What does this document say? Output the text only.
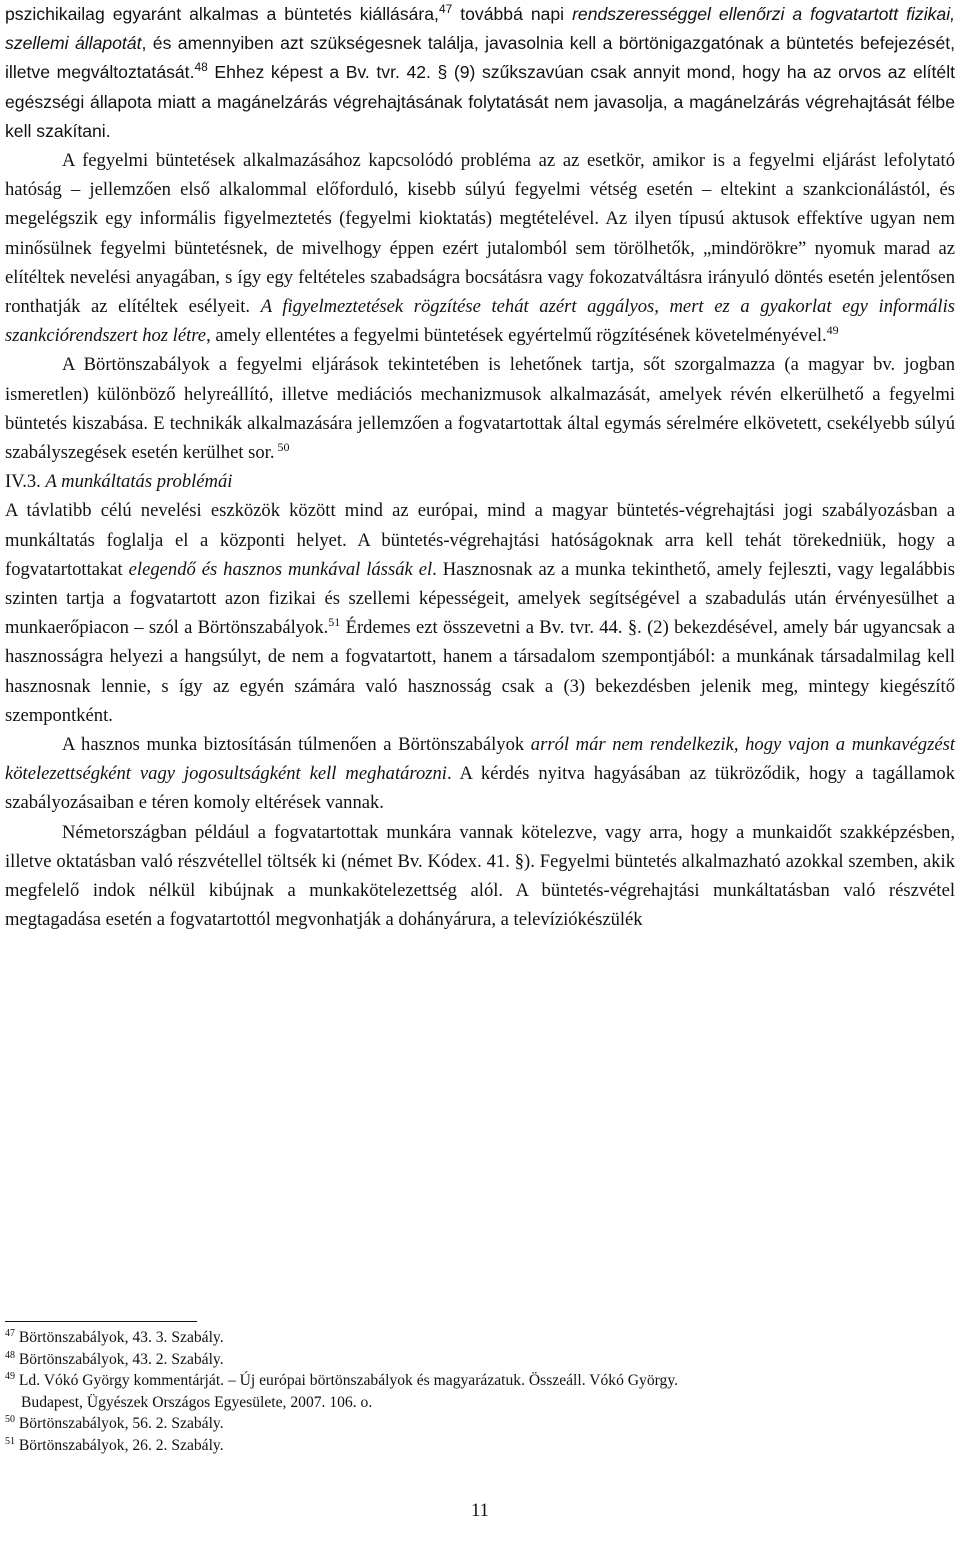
pszichikailag egyaránt alkalmas a büntetés kiállására,$^{47}$ továbbá napi rendszerességgel ellenőrzi a fogvatartott fizikai, szellemi állapotát, és amennyiben azt szükségesnek találja, javasolnia kell a börtönigazgatónak a büntetés befejezését, illetve megváltoztatását.$^{48}$ Ehhez képest a Bv. tvr. 42. § (9) szűkszavúan csak annyit mond, hogy ha az orvos az elítélt egészségi állapota miatt a magánelzárás végrehajtásának folytatását nem javasolja, a magánelzárás végrehajtását félbe kell szakítani.

A fegyelmi büntetések alkalmazásához kapcsolódó probléma az az esetkör, amikor is a fegyelmi eljárást lefolytató hatóság – jellemzően első alkalommal előforduló, kisebb súlyú fegyelmi vétség esetén – eltekint a szankcionálástól, és megelégszik egy informális figyelmeztetés (fegyelmi kioktatás) megtételével. Az ilyen típusú aktusok effektíve ugyan nem minősülnek fegyelmi büntetésnek, de mivelhogy éppen ezért jutalomból sem törölhetők, „mindörökre” nyomuk marad az elítéltek nevelési anyagában, s így egy feltételes szabadságra bocsátásra vagy fokozatváltásra irányuló döntés esetén jelentősen ronthatják az elítéltek esélyeit. A figyelmeztetések rögzítése tehát azért aggályos, mert ez a gyakorlat egy informális szankciórendszert hoz létre, amely ellentétes a fegyelmi büntetések egyértelmű rögzítésének követelményével.$^{49}$

A Börtönszabályok a fegyelmi eljárások tekintetében is lehetőnek tartja, sőt szorgalmazza (a magyar bv. jogban ismeretlen) különböző helyreállító, illetve mediációs mechanizmusok alkalmazását, amelyek révén elkerülhető a fegyelmi büntetés kiszabása. E technikák alkalmazására jellemzően a fogvatartottak által egymás sérelmére elkövetett, csekélyebb súlyú szabályszegések esetén kerülhet sor. $^{50}$

IV.3. A munkáltatás problémái

A távlatibb célú nevelési eszközök között mind az európai, mind a magyar büntetés-végrehajtási jogi szabályozásban a munkáltatás foglalja el a központi helyet. A büntetés-végrehajtási hatóságoknak arra kell tehát törekedniük, hogy a fogvatartottakat elegendő és hasznos munkával lássák el. Hasznosnak az a munka tekinthető, amely fejleszti, vagy legalábbis szinten tartja a fogvatartott azon fizikai és szellemi képességeit, amelyek segítségével a szabadulás után érvényesülhet a munkaerőpiacon – szól a Börtönszabályok.$^{51}$ Érdemes ezt összevetni a Bv. tvr. 44. §. (2) bekezdésével, amely bár ugyancsak a hasznosságra helyezi a hangsúlyt, de nem a fogvatartott, hanem a társadalom szempontjából: a munkának társadalmilag kell hasznosnak lennie, s így az egyén számára való hasznosság csak a (3) bekezdésben jelenik meg, mintegy kiegészítő szempontként.

A hasznos munka biztosításán túlmenően a Börtönszabályok arról már nem rendelkezik, hogy vajon a munkavégzést kötelezettségként vagy jogosultságként kell meghatározni. A kérdés nyitva hagyásában az tükröződik, hogy a tagállamok szabályozásaiban e téren komoly eltérések vannak.

Németországban például a fogvatartottak munkára vannak kötelezve, vagy arra, hogy a munkaidőt szakképzésben, illetve oktatásban való részvétellel töltsék ki (német Bv. Kódex. 41. §). Fegyelmi büntetés alkalmazható azokkal szemben, akik megfelelő indok nélkül kibújnak a munkakötelezettség alól. A büntetés-végrehajtási munkáltatásban való részvétel megtagadása esetén a fogvatartottól megvonhatják a dohányárura, a televíziókészülék

$^{47}$ Börtönszabályok, 43. 3. Szabály.

$^{48}$ Börtönszabályok, 43. 2. Szabály.

$^{49}$ Ld. Vókó György kommentárját. – Új európai börtönszabályok és magyarázatuk. Összeáll. Vókó György.

Budapest, Ügyészek Országos Egyesülete, 2007. 106. o.

$^{50}$ Börtönszabályok, 56. 2. Szabály.

$^{51}$ Börtönszabályok, 26. 2. Szabály.

11
